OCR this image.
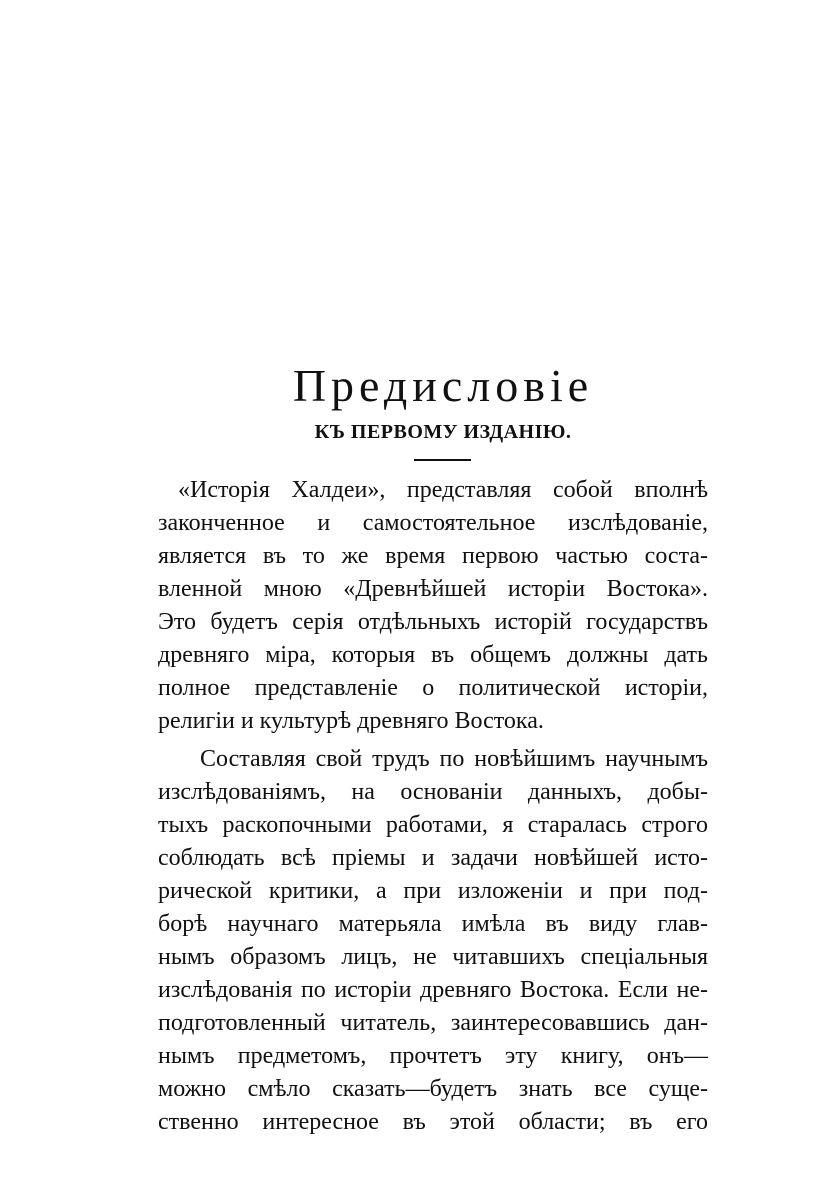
Предисловіе
КЪ ПЕРВОМУ ИЗДАНІЮ.
«Исторія Халдеи», представляя собой вполнѣ
законченное и самостоятельное изслѣдованіе,
является въ то же время первою частью соста-
вленной мною «Древнѣйшей исторіи Востока».
Это будетъ серія отдѣльныхъ исторій государствъ
древняго міра, которыя въ общемъ должны дать
полное представленіе о политической исторіи,
религіи и культурѣ древняго Востока.
Составляя свой трудъ по новѣйшимъ научнымъ
изслѣдованіямъ, на основаніи данныхъ, добы-
тыхъ раскопочными работами, я старалась строго
соблюдать всѣ пріемы и задачи новѣйшей исто-
рической критики, а при изложеніи и при под-
борѣ научнаго матерьяла имѣла въ виду глав-
нымъ образомъ лицъ, не читавшихъ спеціальныя
изслѣдованія по исторіи древняго Востока. Если не-
подготовленный читатель, заинтересовавшись дан-
нымъ предметомъ, прочтетъ эту книгу, онъ—
можно смѣло сказать—будетъ знать все суще-
ственно интересное въ этой области; въ его
